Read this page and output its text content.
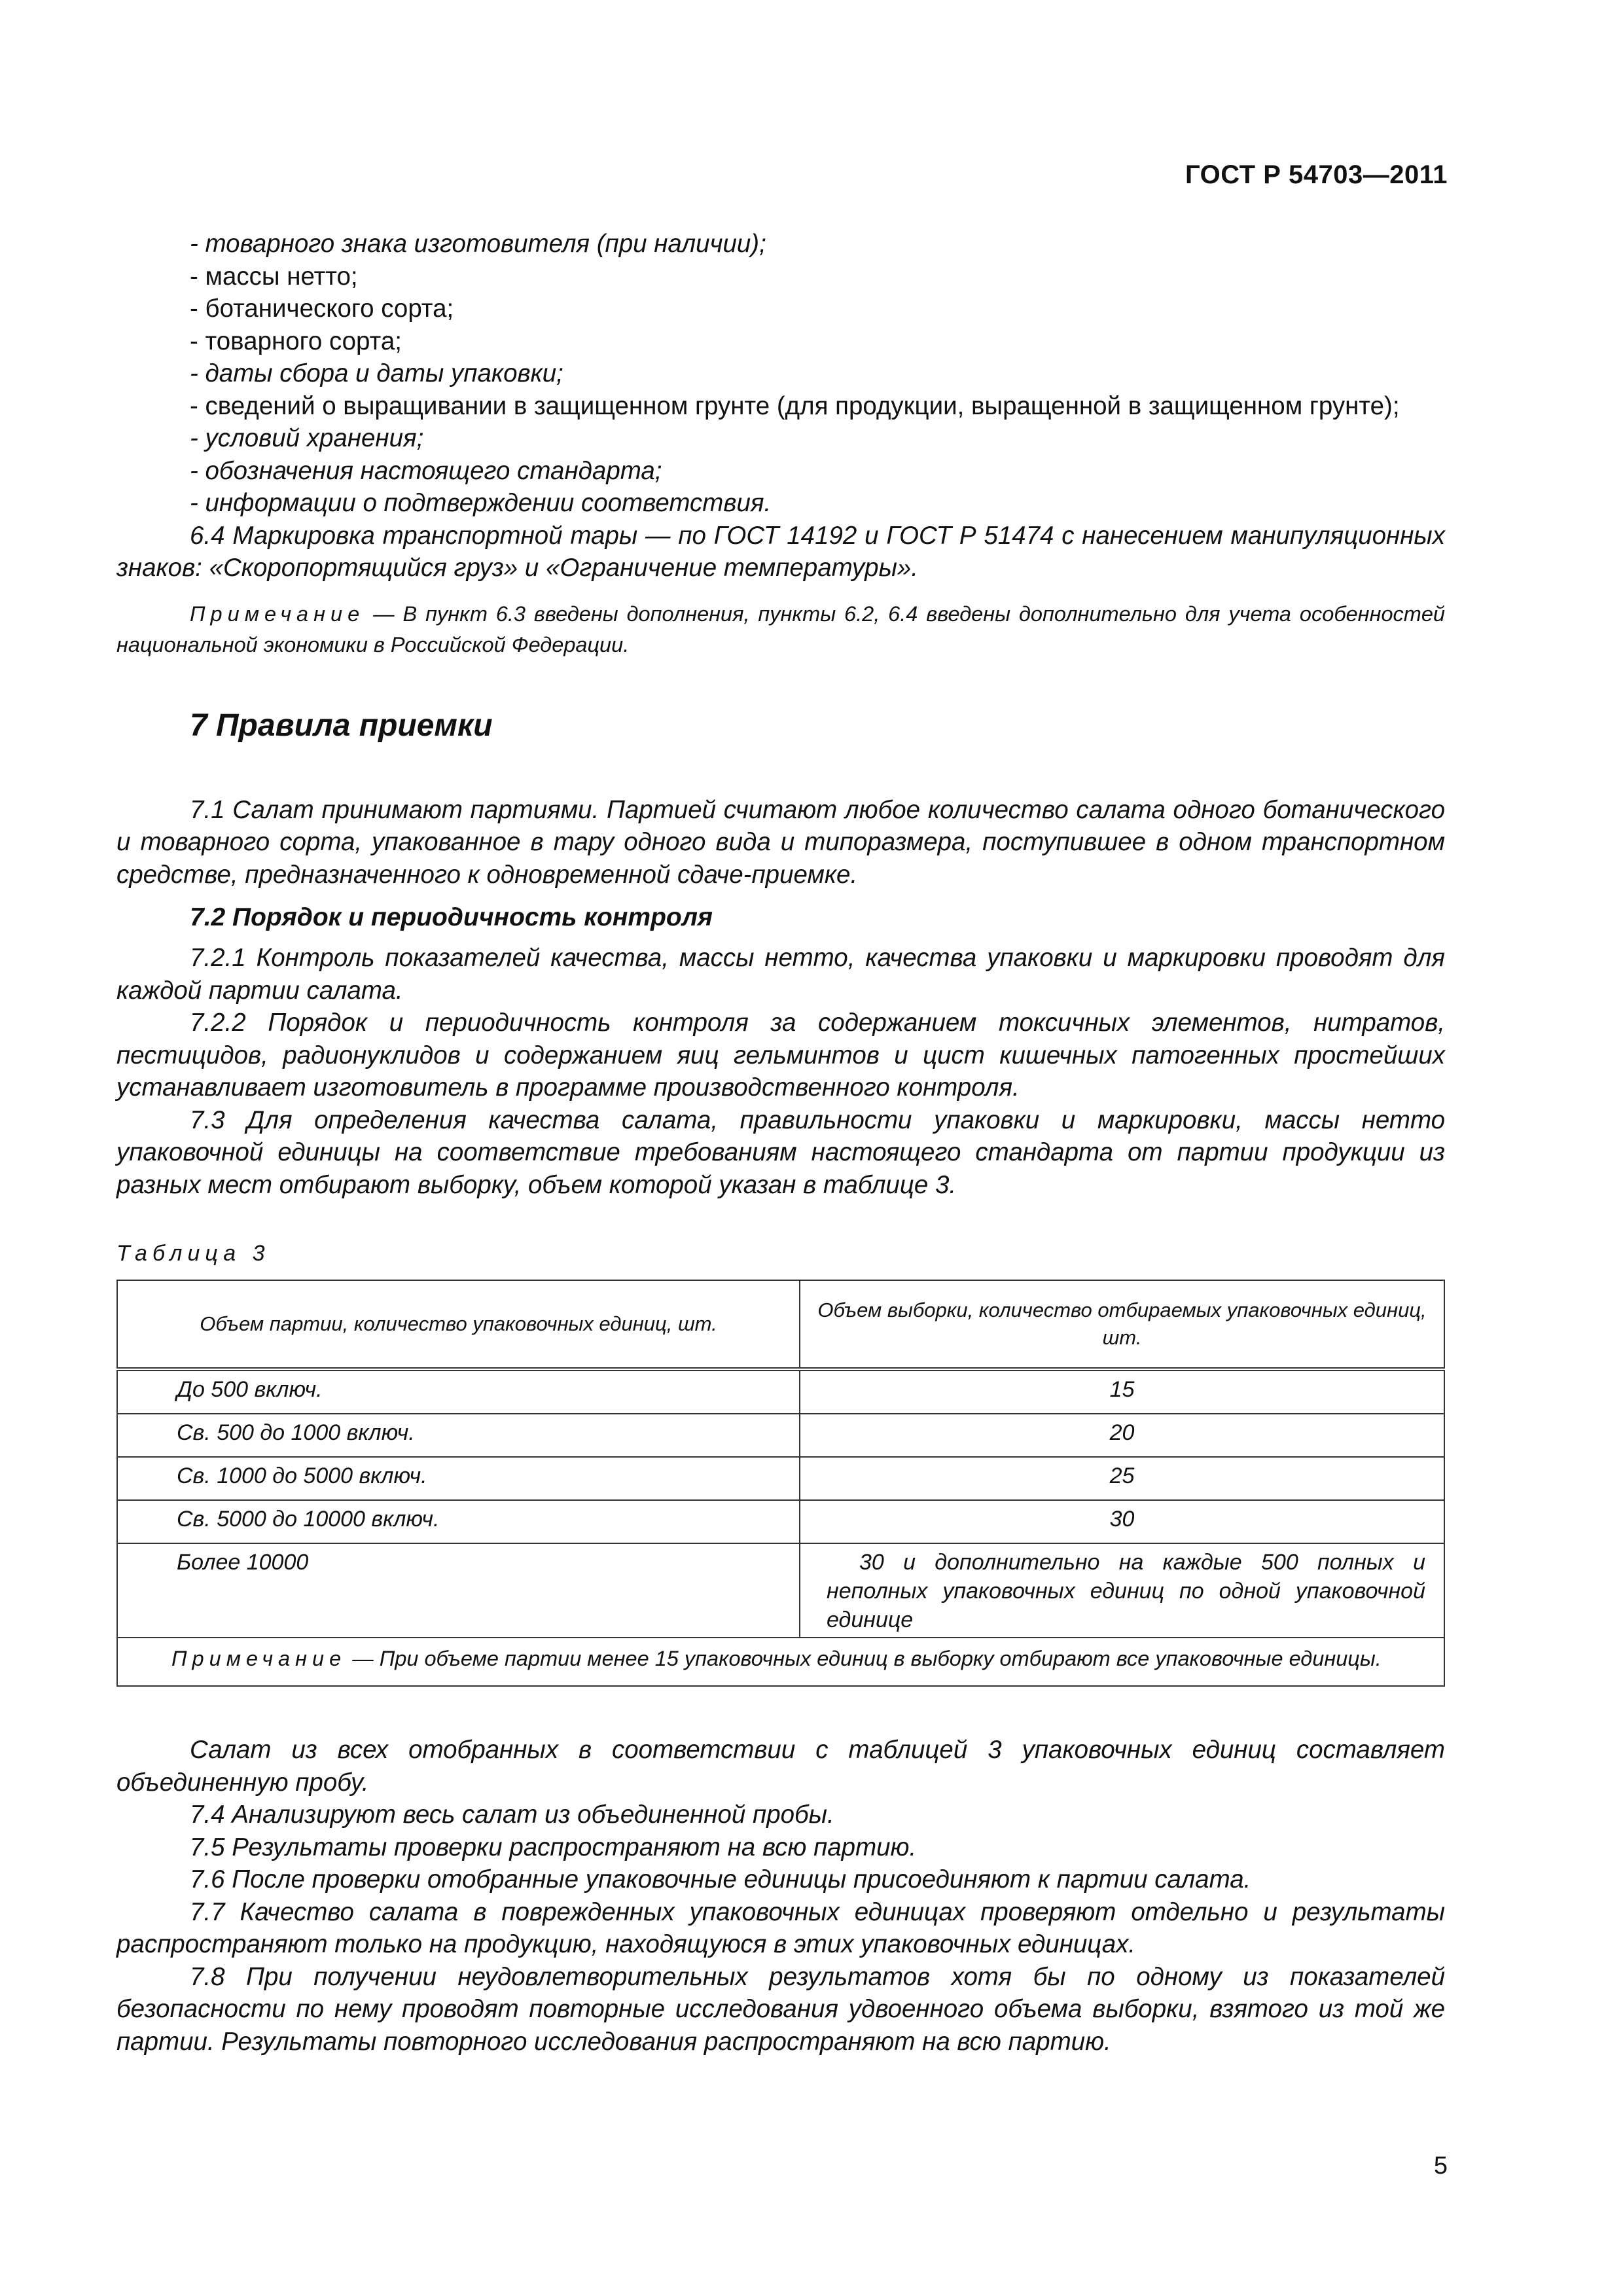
ГОСТ Р 54703—2011

- товарного знака изготовителя (при наличии);

- массы нетто;

- ботанического сорта;

- товарного сорта;

- даты сбора и даты упаковки;

- сведений о выращивании в защищенном грунте (для продукции, выращенной в защищенном грунте);

- условий хранения;

- обозначения настоящего стандарта;

- информации о подтверждении соответствия.

6.4 Маркировка транспортной тары — по ГОСТ 14192 и ГОСТ Р 51474 с нанесением манипуляционных знаков: «Скоропортящийся груз» и «Ограничение температуры».

Примечание — В пункт 6.3 введены дополнения, пункты 6.2, 6.4 введены дополнительно для учета особенностей национальной экономики в Российской Федерации.

7 Правила приемки

7.1 Салат принимают партиями. Партией считают любое количество салата одного ботанического и товарного сорта, упакованное в тару одного вида и типоразмера, поступившее в одном транспортном средстве, предназначенного к одновременной сдаче-приемке.

7.2 Порядок и периодичность контроля

7.2.1 Контроль показателей качества, массы нетто, качества упаковки и маркировки проводят для каждой партии салата.

7.2.2 Порядок и периодичность контроля за содержанием токсичных элементов, нитратов, пестицидов, радионуклидов и содержанием яиц гельминтов и цист кишечных патогенных простейших устанавливает изготовитель в программе производственного контроля.

7.3 Для определения качества салата, правильности упаковки и маркировки, массы нетто упаковочной единицы на соответствие требованиям настоящего стандарта от партии продукции из разных мест отбирают выборку, объем которой указан в таблице 3.

Таблица 3
Объем партии, количество упаковочных единиц, шт.	Объем выборки, количество отбираемых упаковочных единиц, шт.
До 500 включ.	15
Св. 500 до 1000 включ.	20
Св. 1000 до 5000 включ.	25
Св. 5000 до 10000 включ.	30
Более 10000	30 и дополнительно на каждые 500 полных и неполных упаковочных единиц по одной упаковочной единице
Примечание — При объеме партии менее 15 упаковочных единиц в выборку отбирают все упаковочные единицы.	

Салат из всех отобранных в соответствии с таблицей 3 упаковочных единиц составляет объединенную пробу.

7.4 Анализируют весь салат из объединенной пробы.

7.5 Результаты проверки распространяют на всю партию.

7.6 После проверки отобранные упаковочные единицы присоединяют к партии салата.

7.7 Качество салата в поврежденных упаковочных единицах проверяют отдельно и результаты распространяют только на продукцию, находящуюся в этих упаковочных единицах.

7.8 При получении неудовлетворительных результатов хотя бы по одному из показателей безопасности по нему проводят повторные исследования удвоенного объема выборки, взятого из той же партии. Результаты повторного исследования распространяют на всю партию.

5
